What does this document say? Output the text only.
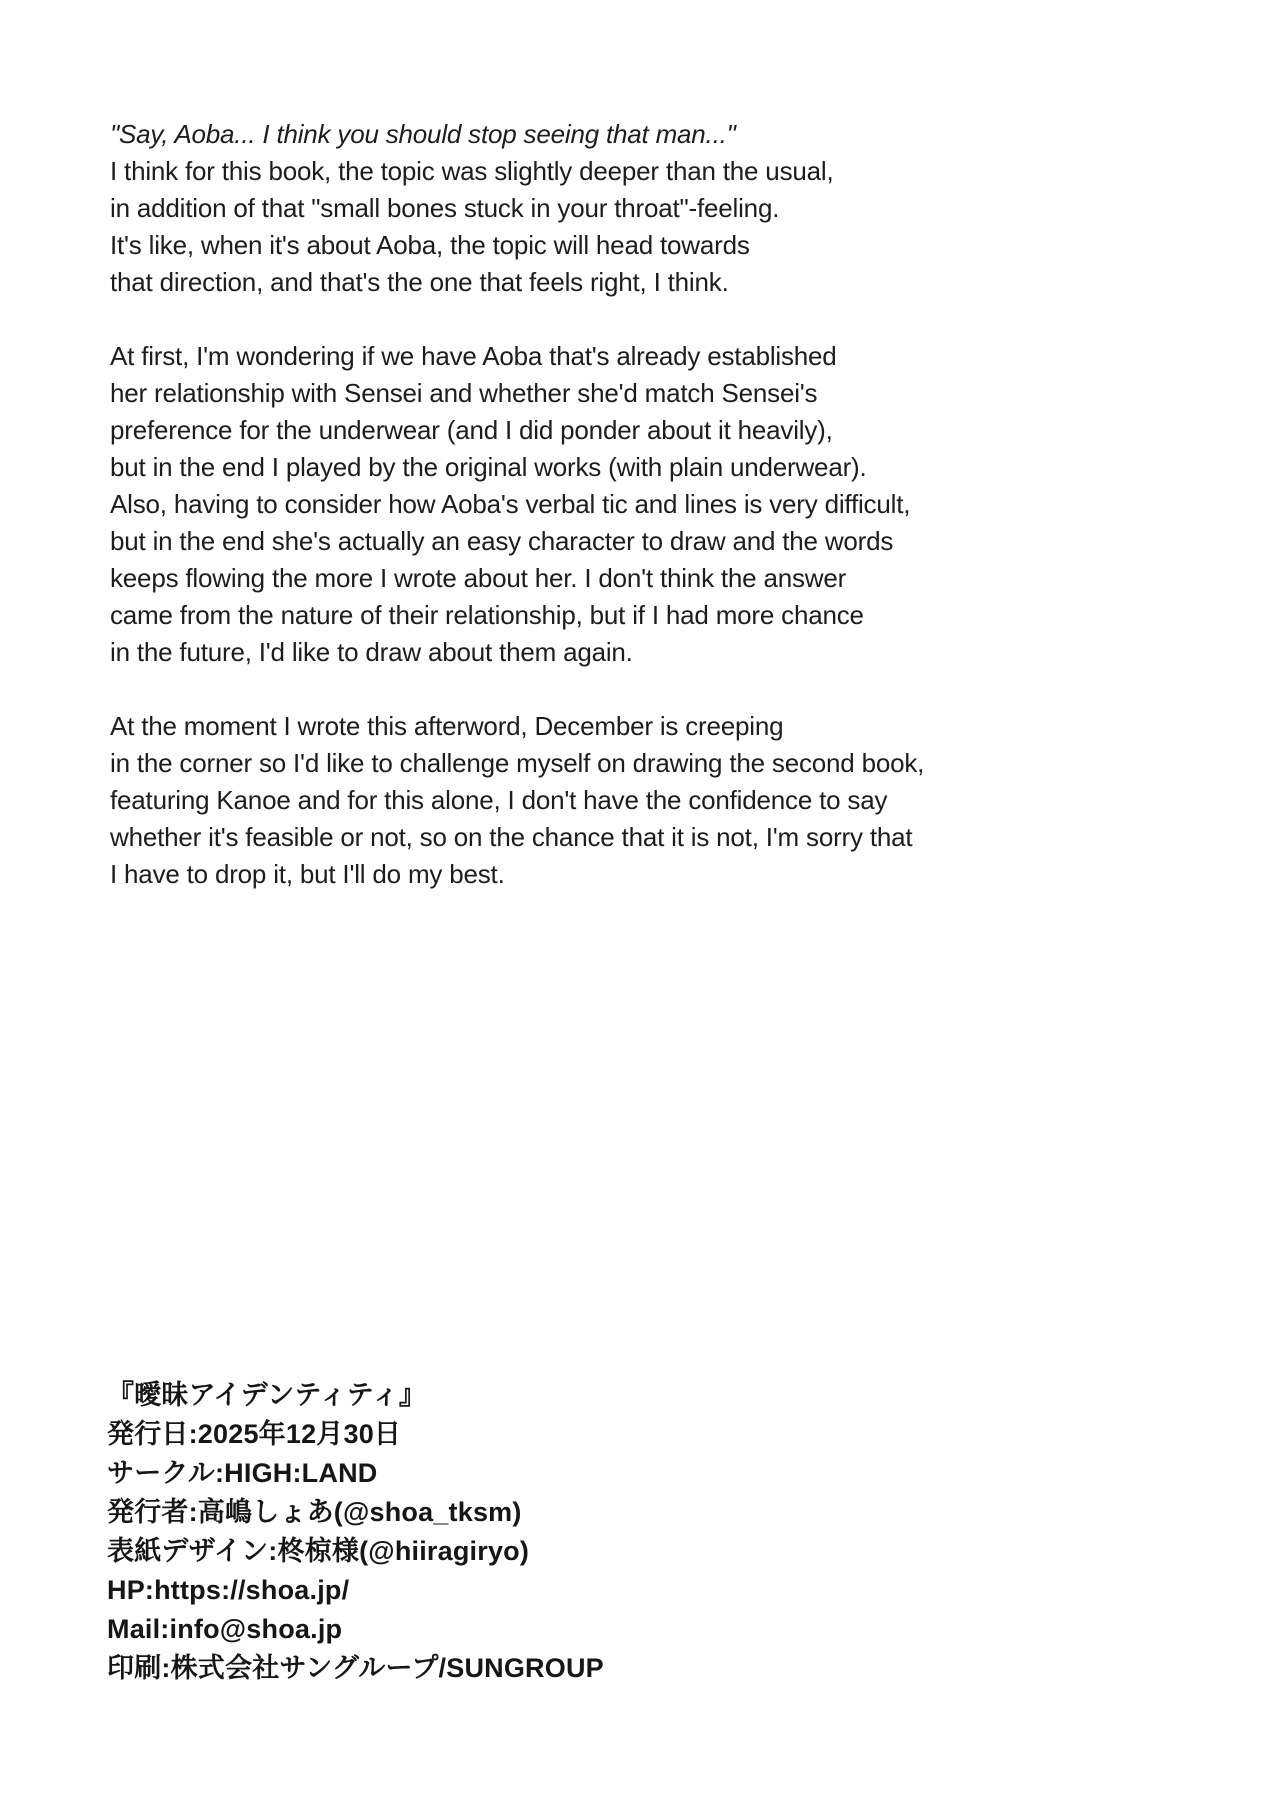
"Say, Aoba... I think you should stop seeing that man..."
I think for this book, the topic was slightly deeper than the usual,
in addition of that "small bones stuck in your throat"-feeling.
It's like, when it's about Aoba, the topic will head towards
that direction, and that's the one that feels right, I think.
At first, I'm wondering if we have Aoba that's already established
her relationship with Sensei and whether she'd match Sensei's
preference for the underwear (and I did ponder about it heavily),
but in the end I played by the original works (with plain underwear).
Also, having to consider how Aoba's verbal tic and lines is very difficult,
but in the end she's actually an easy character to draw and the words
keeps flowing the more I wrote about her. I don't think the answer
came from the nature of their relationship, but if I had more chance
in the future, I'd like to draw about them again.
At the moment I wrote this afterword, December is creeping
in the corner so I'd like to challenge myself on drawing the second book,
featuring Kanoe and for this alone, I don't have the confidence to say
whether it's feasible or not, so on the chance that it is not, I'm sorry that
I have to drop it, but I'll do my best.
『曖昧アイデンティティ』
発行日:2025年12月30日
サークル:HIGH:LAND
発行者:高嶋しょあ(@shoa_tksm)
表紙デザイン:柊椋様(@hiiragiryo)
HP:https://shoa.jp/
Mail:info@shoa.jp
印刷:株式会社サングループ/SUNGROUP
